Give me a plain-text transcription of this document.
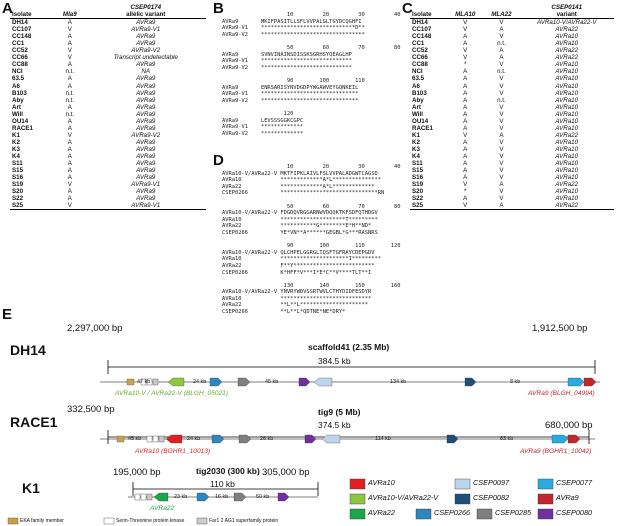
A	B	C
D
E
Isolate	Mla9	CSEP0174
		allelic variant
DH14	A	AVRa9
CC107	V	AVRa9-V1
CC148	A	AVRa9
CC1	A	AVRa9
CC52	V	AVRa9-V2
CC66	V	Transcript undetectable
CC88	A	AVRa9
NCI	n.t.	NA
63.5	A	AVRa9
A6	A	AVRa9
B103	n.t.	AVRa9
Aby	n.t.	AVRa9
Art	A	AVRa9
Will	n.t.	AVRa9
OU14	A	AVRa9
RACE1	A	AVRa9
K1	V	AVRa9-V2
K2	A	AVRa9
K3	A	AVRa9
K4	A	AVRa9
S11	A	AVRa9
S15	A	AVRa9
S16	A	AVRa9
S19	V	AVRa9-V1
S20	A	AVRa9
S22	A	AVRa9
S25	V	AVRa9-V1
10         20         30         40
AVRa9       MKIFPASITLLSFLVVPALGLTGYDCQGHFI
AVRa9-V1    *****************************D**
AVRa9-V2    ********************************

50         60         70         80
AVRa9       SVNVINAINSDISSKSGRHSYQEAGLHP
AVRa9-V1    ****************************
AVRa9-V2    ****************************

90        100        110
AVRa9       ENRSARISYNVDGDPYWGAWVEYGQNKEIL
AVRa9-V1    ******************************
AVRa9-V2    ******************************

120
AVRa9       LEVSSSGGKCGPC
AVRa9-V1    *************
AVRa9-V2    *************
Isolate	MLA10	MLA22	CSEP0141
			variant
DH14	V	V	AVRa10-V/AVRa22-V
CC107	V	A	AVRa22
CC148	A	V	AVRa10
CC1	A	n.t.	AVRa10
CC52	V	A	AVRa22
CC66	V	A	AVRa22
CC88	*	V	AVRa10
NCI	A	n.t.	AVRa10
63.5	A	V	AVRa10
A6	A	V	AVRa10
B103	A	V	AVRa10
Aby	A	n.t.	AVRa10
Art	A	V	AVRa10
Will	A	V	AVRa10
OU14	A	V	AVRa10
RACE1	A	V	AVRa10
K1	V	A	AVRa22
K2	A	V	AVRa10
K3	A	V	AVRa10
K4	A	V	AVRa10
S11	A	V	AVRa10
S15	A	V	AVRa10
S16	A	V	AVRa10
S19	V	A	AVRa22
S20	*	V	AVRa10
S22	A	V	AVRa10
S25	V	A	AVRa22
10         20         30         40
AVRa10-V/AVRa22-V MKTFIPKLAIVLFSLVVPALADGWTCAGSD
AVRa10            *************A*L***************
AVRa22            *************A*L*************
CSEP0266          ******************************RN

50         60         70         80
AVRa10-V/AVRa22-V FDGDQVRGGARNWVDQQKTKFSDFQTHDGV
AVRa10            ********************T*********
AVRa22            ***********G********E*H**ND*
CSEP0266          YE*VN**A******GEGBL*G***RASNRS

90        100        110        120
AVRa10-V/AVRa22-V QLCHPELGGRGLTQSFTGFRAYCDEPGDV
AVRa10            *********************I*********
AVRa22            F**Y*************************
CSEP0266          K*HFF*V***I*E*C**V****TLT**I

130        140        150        160
AVRa10-V/AVRa22-V YNVRYWDVSSRTWVLCTHYDIDFESDYR
AVRa10            ****************************
AVRa22            **L**L*********************
CSEP0266          **L**L*QDTNE*NE*DRY*
DH14
2,297,000 bp	1,912,500 bp
scaffold41 (2.35 Mb)
384.5 kb
47 kb	24 kb	45 kb	134 kb	8 kb
AVRa10-V / AVRa22-V (BLGH_05021)	AVRa9 (BLGH_04994)
RACE1
332,500 bp
680,000 bp
tig9 (5 Mb)
374.5 kb
45 kb	24 kb	26 kb	114 kb	83 kb
AVRa10 (BGHR1_10013)	AVRa9 (BGHR1_10042)
K1
195,000 bp	305,000 bp
tig2030 (300 kb)
110 kb
23 kb	16 kb	50 kb
AVRa22
AVRa10
AVRa10-V/AVRa22-V
AVRa22
CSEP0097
CSEP0082
CSEP0266
CSEP0077
AVRa9
CSEP0285	CSEP0080
EKA family member	Serin-Threonine protein kinase	Far1 2 AG1 superfamily protein
